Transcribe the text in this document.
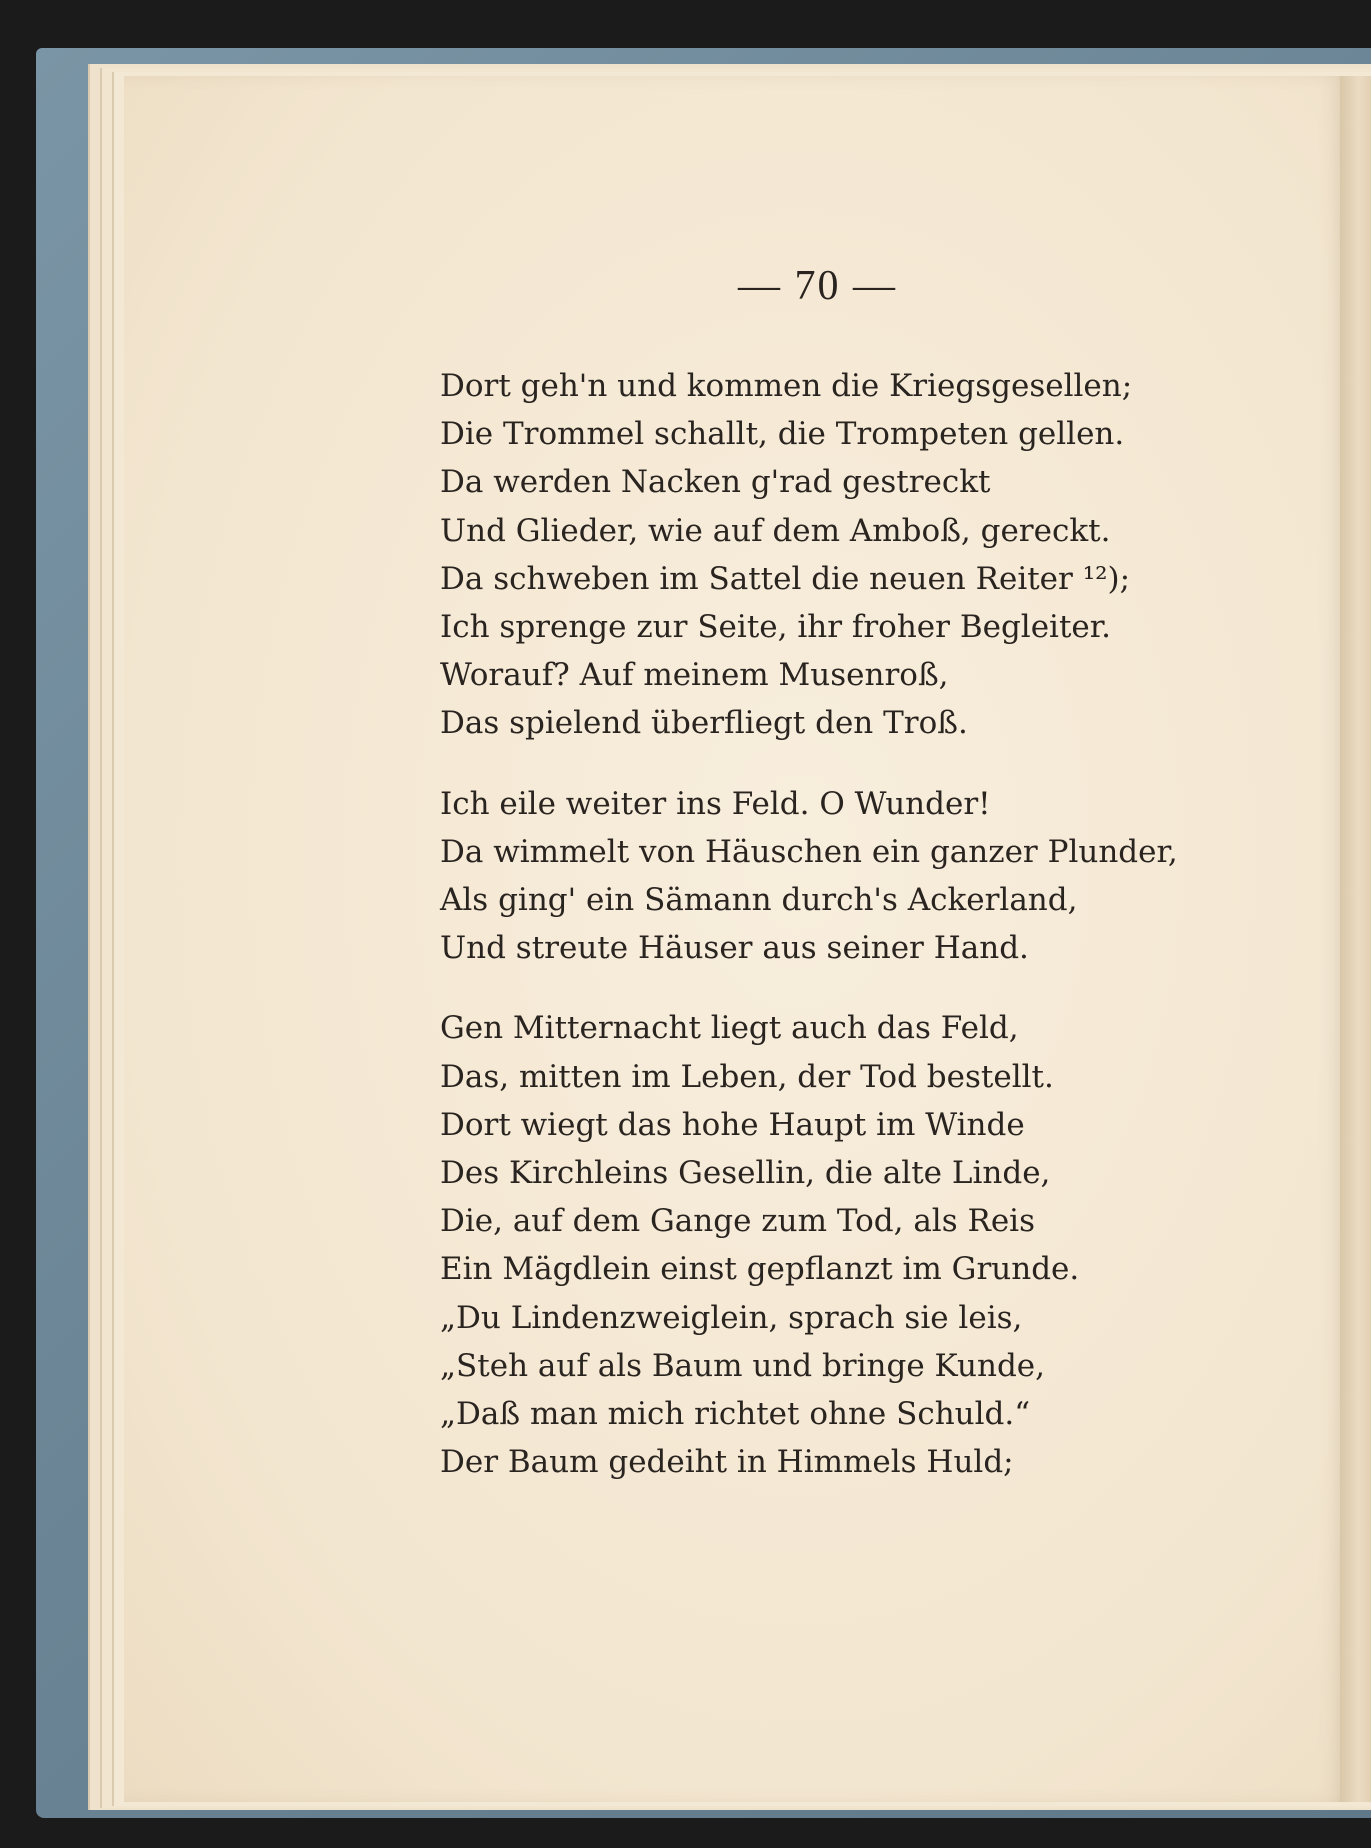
— 70 —
Dort geh'n und kommen die Kriegsgesellen;
Die Trommel schallt, die Trompeten gellen.
Da werden Nacken g'rad gestreckt
Und Glieder, wie auf dem Amboß, gereckt.
Da schweben im Sattel die neuen Reiter ¹²);
Ich sprenge zur Seite, ihr froher Begleiter.
Worauf? Auf meinem Musenroß,
Das spielend überfliegt den Troß.
Ich eile weiter ins Feld. O Wunder!
Da wimmelt von Häuschen ein ganzer Plunder,
Als ging' ein Sämann durch's Ackerland,
Und streute Häuser aus seiner Hand.
Gen Mitternacht liegt auch das Feld,
Das, mitten im Leben, der Tod bestellt.
Dort wiegt das hohe Haupt im Winde
Des Kirchleins Gesellin, die alte Linde,
Die, auf dem Gange zum Tod, als Reis
Ein Mägdlein einst gepflanzt im Grunde.
„Du Lindenzweiglein, sprach sie leis,
„Steh auf als Baum und bringe Kunde,
„Daß man mich richtet ohne Schuld.“
Der Baum gedeiht in Himmels Huld;
